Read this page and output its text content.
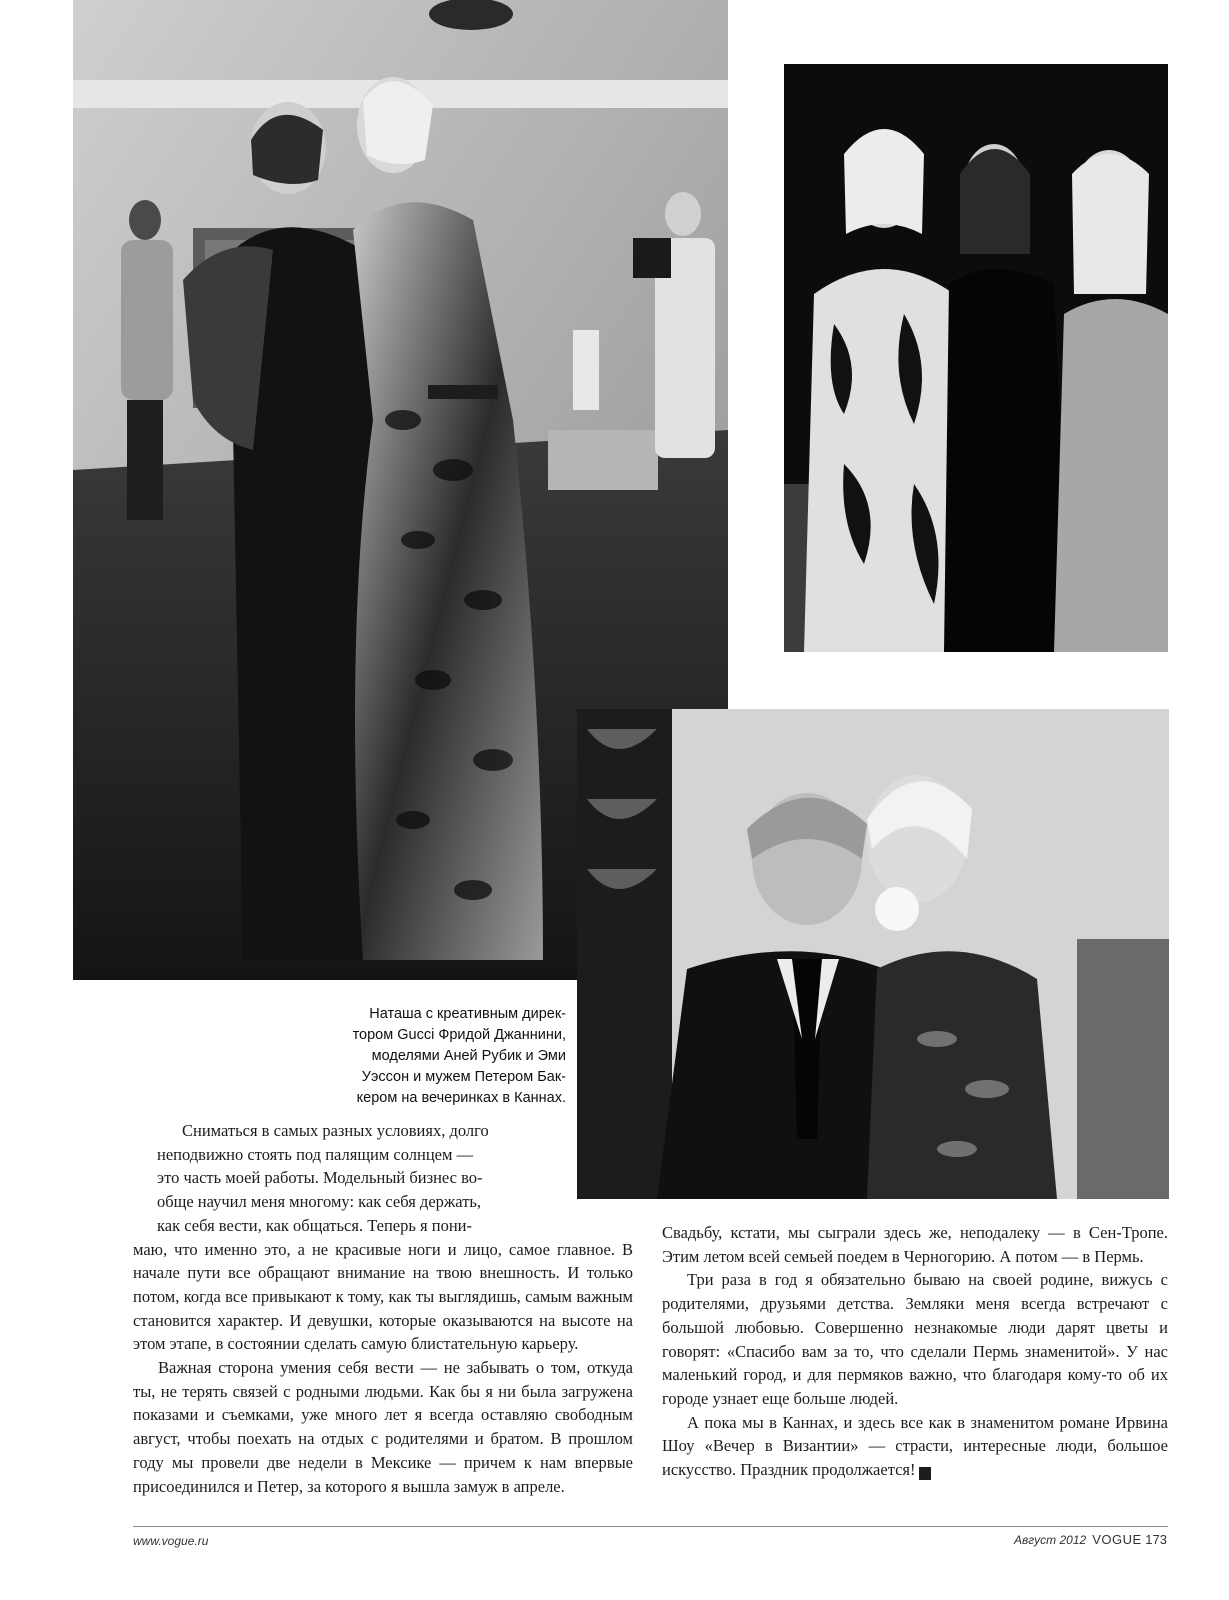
Наташа с креативным дирек-
тором Gucci Фридой Джаннини,
моделями Аней Рубик и Эми
Уэссон и мужем Петером Бак-
кером на вечеринках в Каннах.
Сниматься в самых разных условиях, долго
неподвижно стоять под палящим солнцем —
это часть моей работы. Модельный бизнес во-
обще научил меня многому: как себя держать,
как себя вести, как общаться. Теперь я пони-

маю, что именно это, а не красивые ноги и лицо, самое главное. В начале пути все обращают внимание на твою внешность. И только потом, когда все привыкают к тому, как ты выглядишь, самым важным становится характер. И девушки, которые оказываются на высоте на этом этапе, в состоянии сделать самую блистательную карьеру.

Важная сторона умения себя вести — не забывать о том, откуда ты, не терять связей с родными людьми. Как бы я ни была загружена показами и съемками, уже много лет я всегда оставляю свободным август, чтобы поехать на отдых с родителями и братом. В прошлом году мы провели две недели в Мексике — причем к нам впервые присоединился и Петер, за которого я вышла замуж в апреле.

Свадьбу, кстати, мы сыграли здесь же, неподалеку — в Сен-Тропе. Этим летом всей семьей поедем в Черногорию. А потом — в Пермь.

Три раза в год я обязательно бываю на своей родине, вижусь с родителями, друзьями детства. Земляки меня всегда встречают с большой любовью. Совершенно незнакомые люди дарят цветы и говорят: «Спасибо вам за то, что сделали Пермь знаменитой». У нас маленький город, и для пермяков важно, что благодаря кому-то об их городе узнает еще больше людей.

А пока мы в Каннах, и здесь все как в знаменитом романе Ирвина Шоу «Вечер в Византии» — страсти, интересные люди, большое искусство. Праздник продолжается!	V

www.vogue.ru	Август 2012 VOGUE 173
